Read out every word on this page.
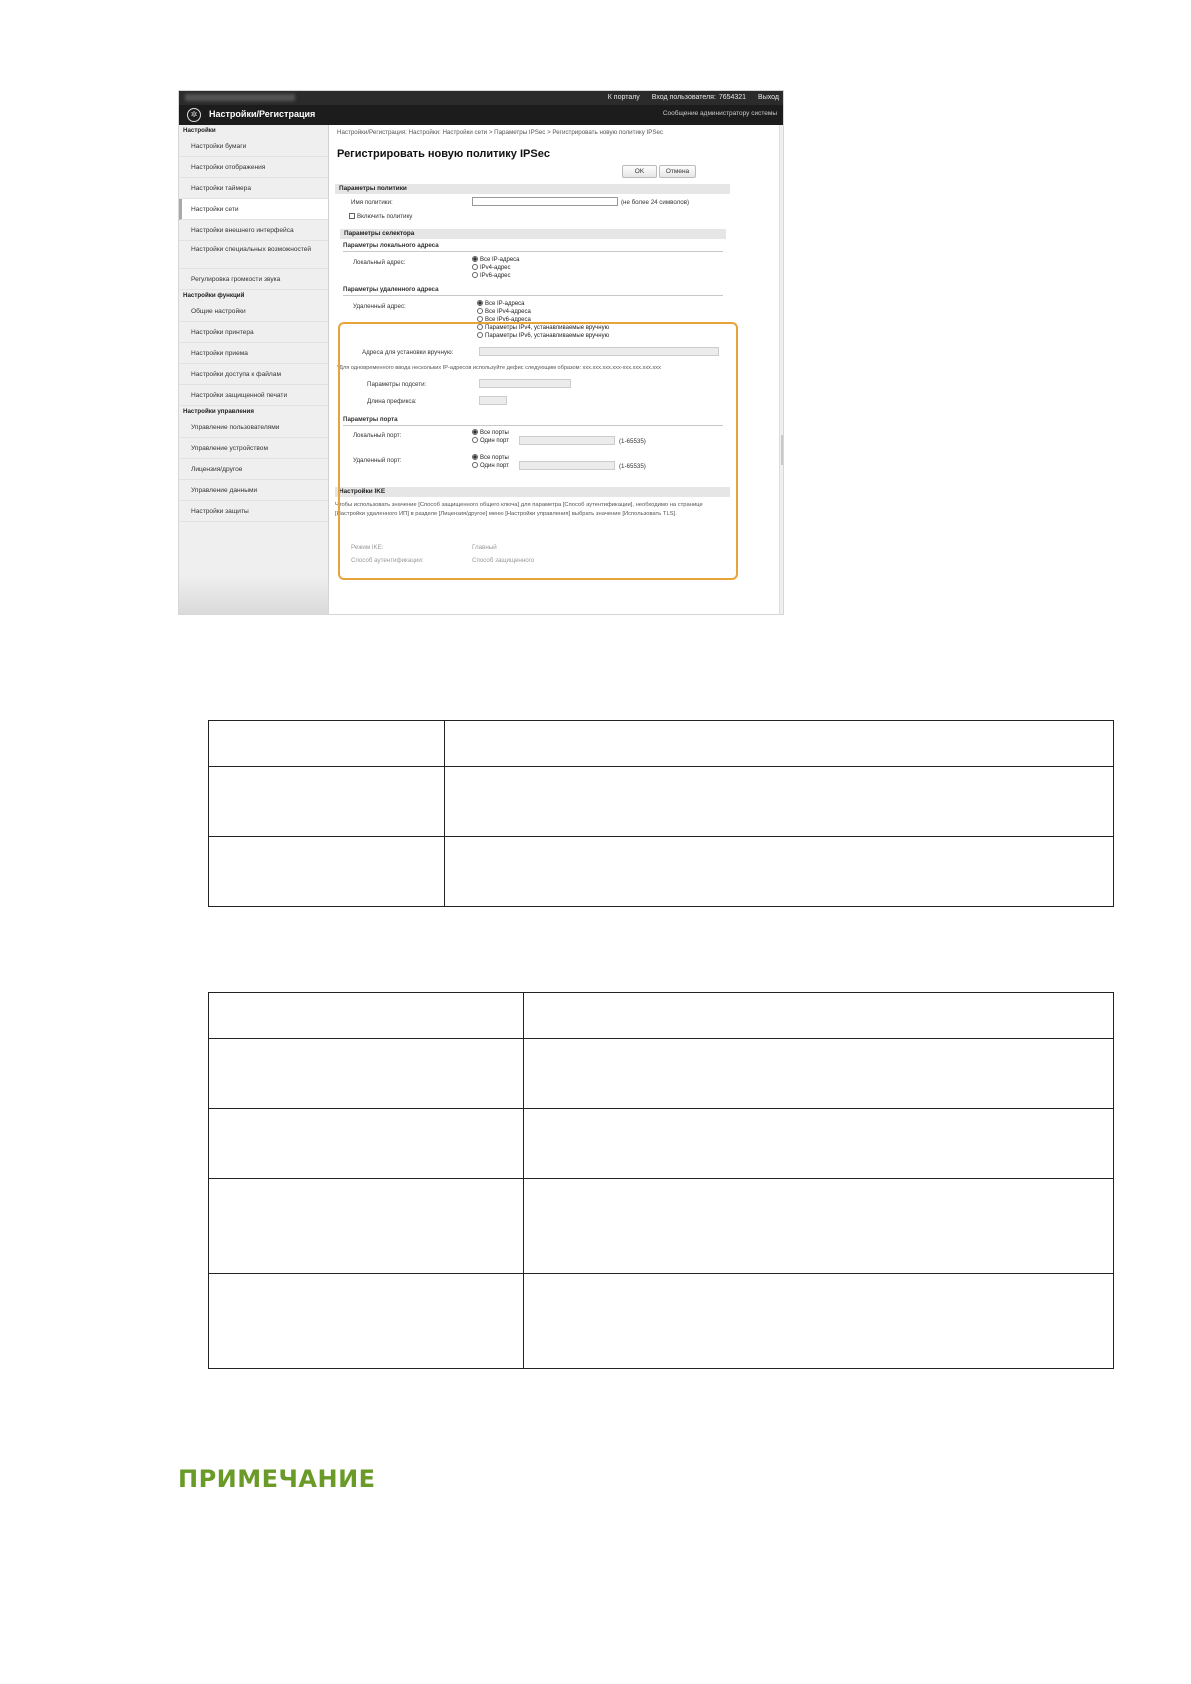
К порталу Вход пользователя: 7654321 Выход
✲	Настройки/Регистрация	Сообщение администратору системы
Настройки
Настройки бумаги
Настройки отображения
Настройки таймера
Настройки сети
Настройки внешнего интерфейса
Настройки специальных возможностей
Регулировка громкости звука
Настройки функций
Общие настройки
Настройки принтера
Настройки приема
Настройки доступа к файлам
Настройки защищенной печати
Настройки управления
Управление пользователями
Управление устройством
Лицензия/другое
Управление данными
Настройки защиты
Настройки/Регистрация: Настройки: Настройки сети > Параметры IPSec > Регистрировать новую политику IPSec
Регистрировать новую политику IPSec
OK	Отмена
Параметры политики
Имя политики:	(не более 24 символов)
Включить политику
Параметры селектора
Параметры локального адреса
Локальный адрес:	Все IP-адреса
IPv4-адрес
IPv6-адрес
Параметры удаленного адреса
Удаленный адрес:	Все IP-адреса
Все IPv4-адреса
Все IPv6-адреса
Параметры IPv4, устанавливаемые вручную
Параметры IPv6, устанавливаемые вручную
Адреса для установки вручную:
*Для одновременного ввода нескольких IP-адресов используйте дефис следующим образом: xxx.xxx.xxx.xxx-xxx.xxx.xxx.xxx
Параметры подсети:
Длина префикса:
Параметры порта
Локальный порт:	Все порты
Один порт	(1-65535)
Удаленный порт:	Все порты
Один порт	(1-65535)
Настройки IKE
Чтобы использовать значение [Способ защищенного общего ключа] для параметра [Способ аутентификации], необходимо на странице [Настройки удаленного ИП] в разделе [Лицензия/другое] меню [Настройки управления] выбрать значение [Использовать TLS].
Режим IKE:	Главный
Способ аутентификации:	Способ защищенного

ПРИМЕЧАНИЕ
